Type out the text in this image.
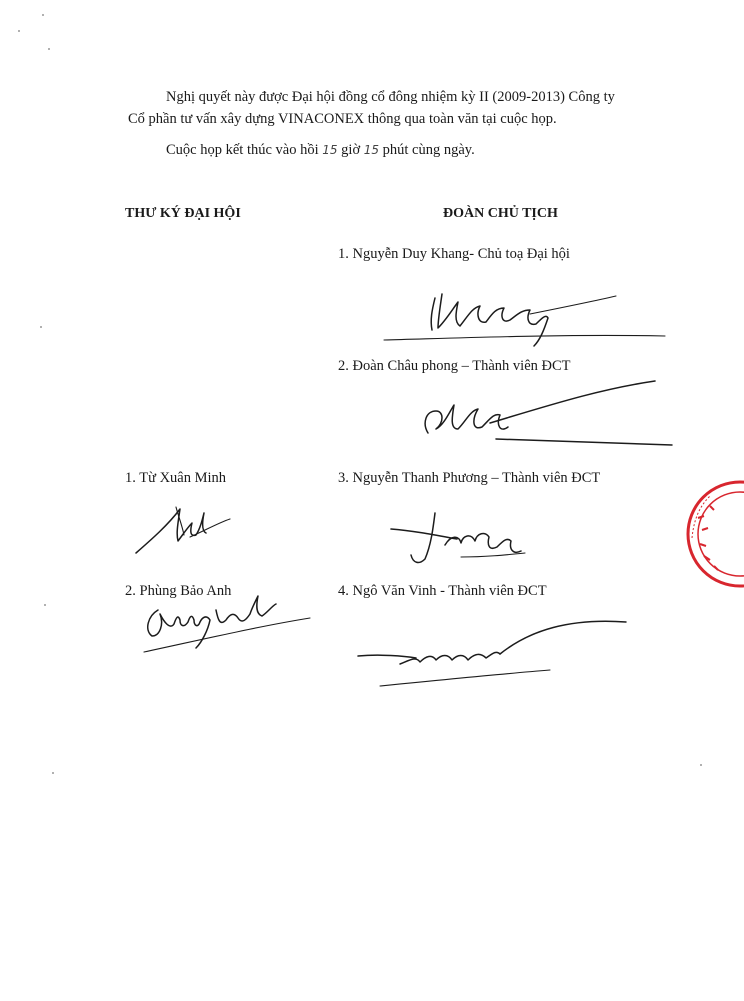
Nghị quyết này được Đại hội đồng cổ đông nhiệm kỳ II (2009-2013) Công ty
Cổ phần tư vấn xây dựng VINACONEX thông qua toàn văn tại cuộc họp.
Cuộc họp kết thúc vào hồi 15 giờ 15 phút cùng ngày.
THƯ KÝ ĐẠI HỘI	ĐOÀN CHỦ TỊCH
1. Nguyễn Duy Khang- Chủ toạ Đại hội
2. Đoàn Châu phong – Thành viên ĐCT
3. Nguyễn Thanh Phương – Thành viên ĐCT
4. Ngô Văn Vinh - Thành viên ĐCT
1. Từ Xuân Minh
2. Phùng Bảo Anh
